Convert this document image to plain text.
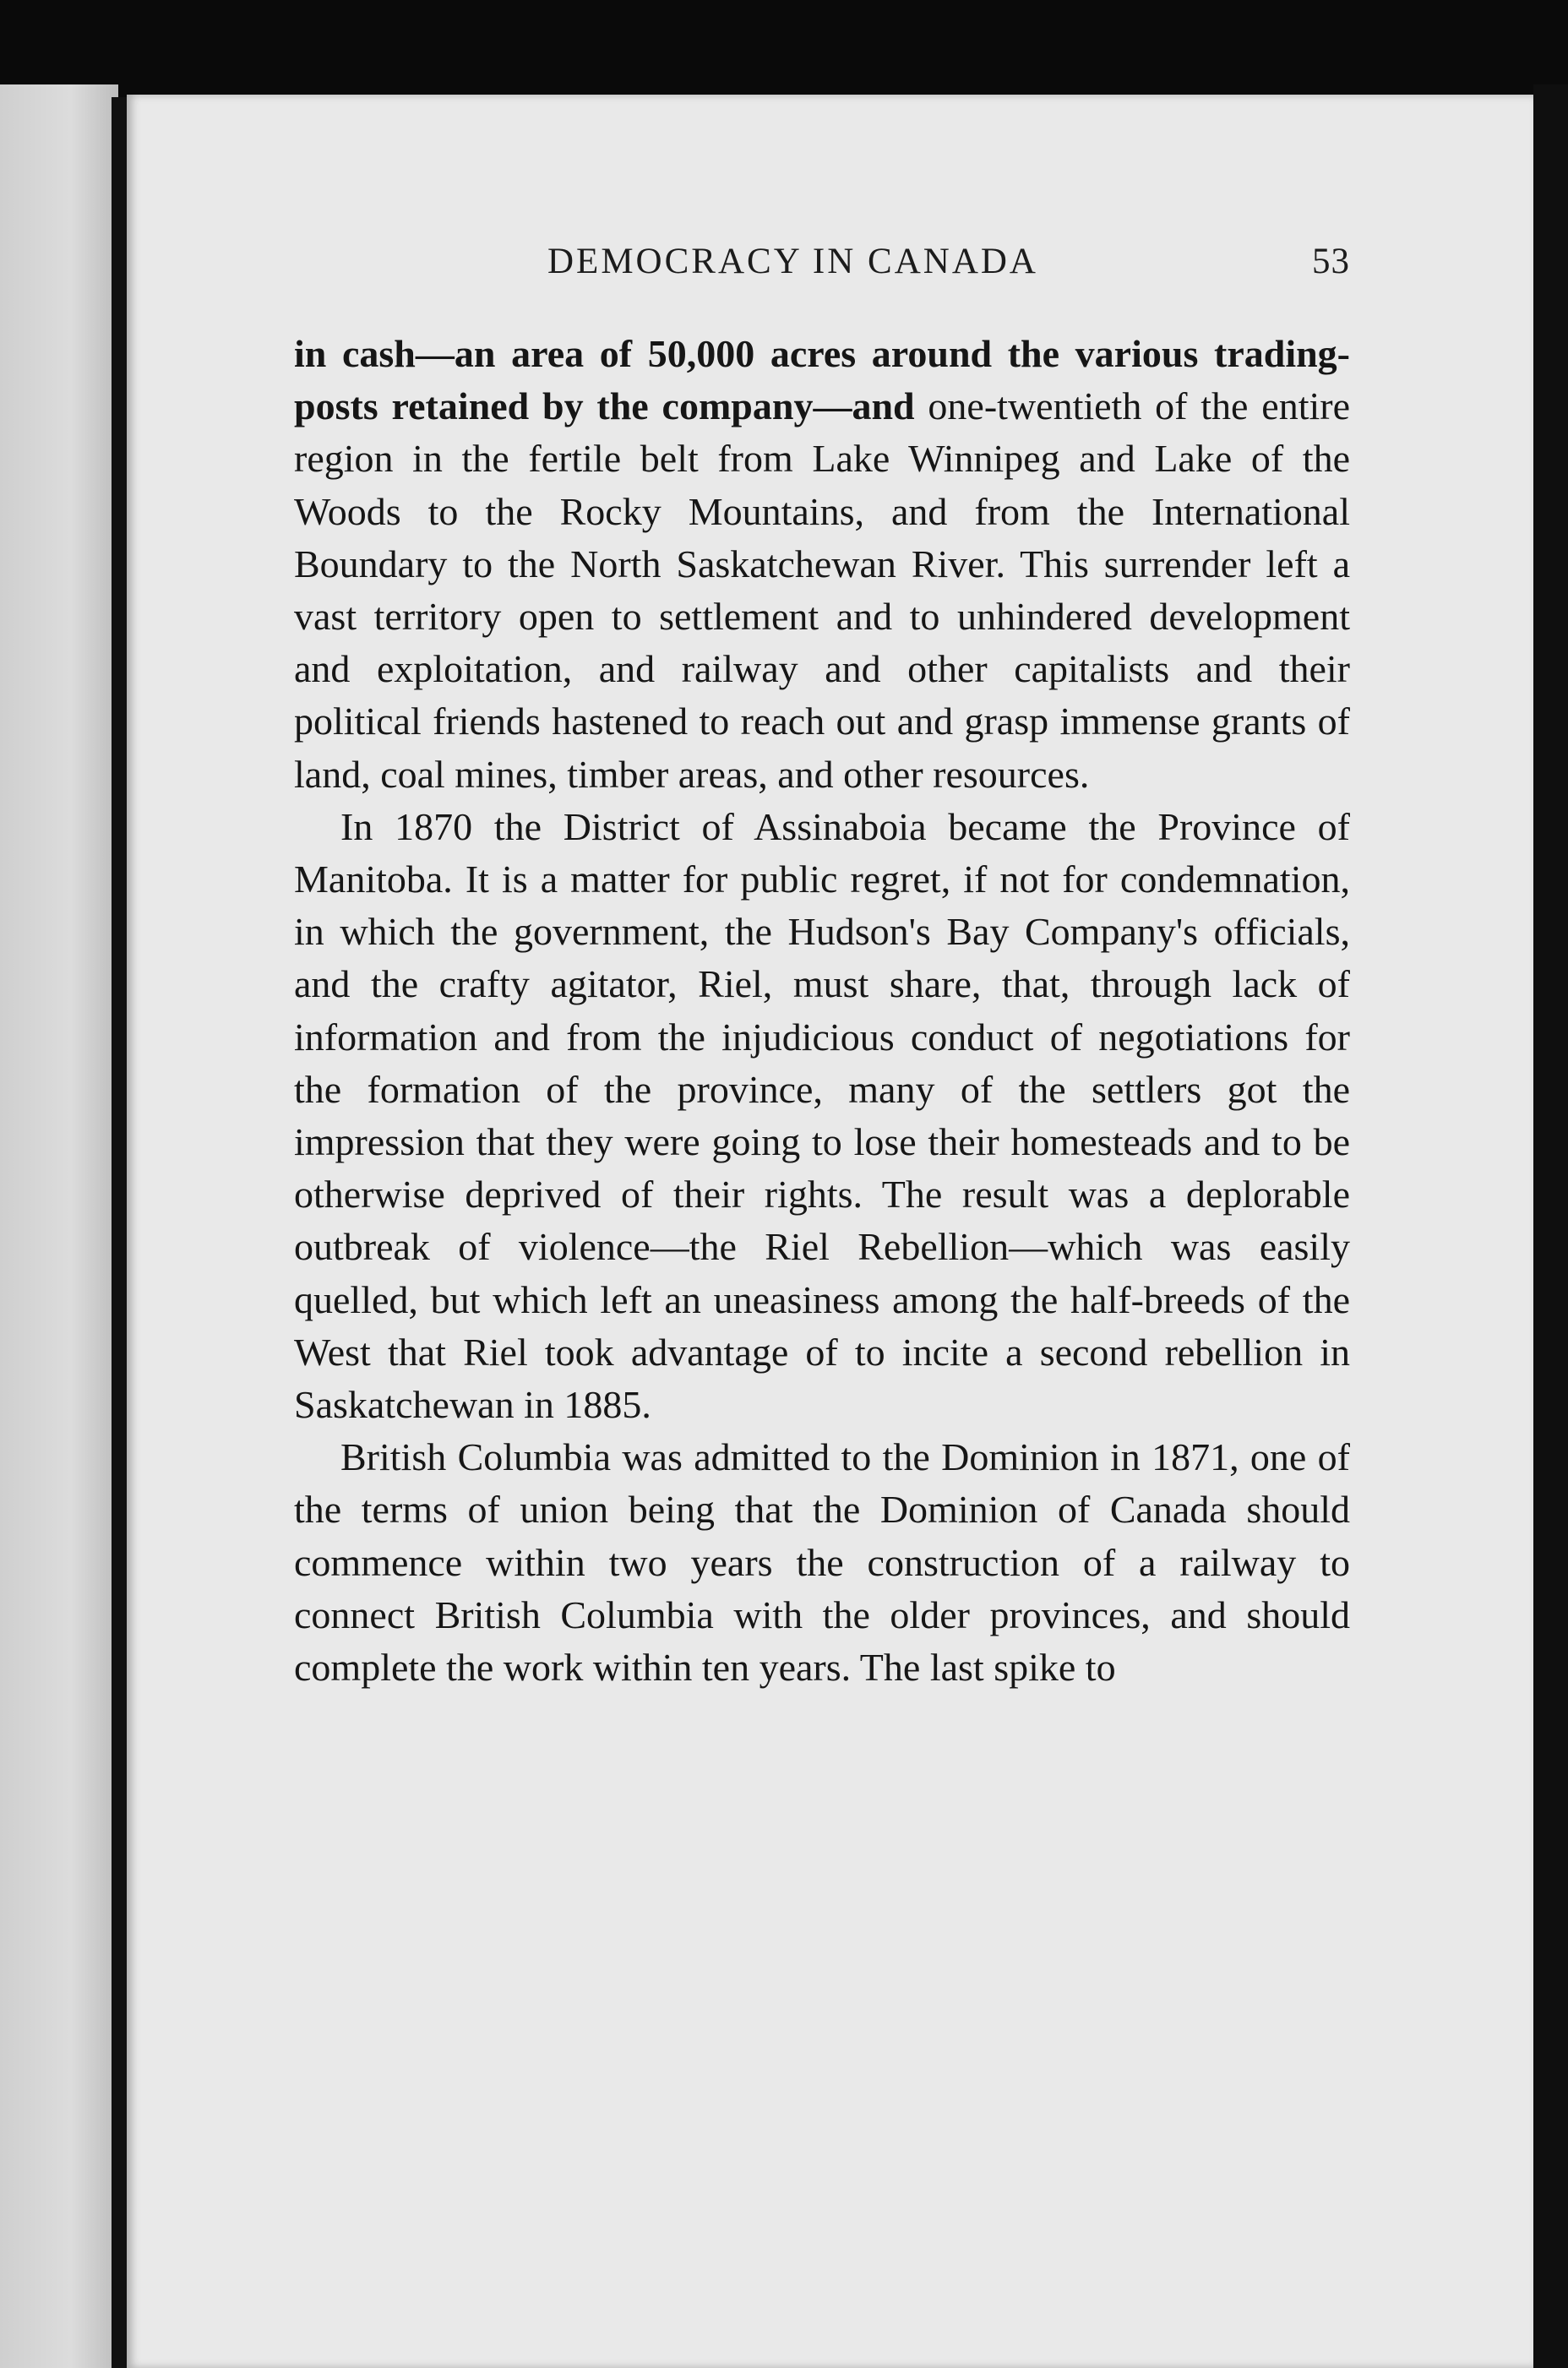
DEMOCRACY IN CANADA	53

in cash—an area of 50,000 acres around the various trading-posts retained by the company—and one-twentieth of the entire region in the fertile belt from Lake Winnipeg and Lake of the Woods to the Rocky Mountains, and from the International Boundary to the North Saskatchewan River. This surrender left a vast territory open to settlement and to unhindered development and exploitation, and railway and other capitalists and their political friends hastened to reach out and grasp immense grants of land, coal mines, timber areas, and other resources.

In 1870 the District of Assinaboia became the Province of Manitoba. It is a matter for public regret, if not for condemnation, in which the government, the Hudson's Bay Company's officials, and the crafty agitator, Riel, must share, that, through lack of information and from the injudicious conduct of negotiations for the formation of the province, many of the settlers got the impression that they were going to lose their homesteads and to be otherwise deprived of their rights. The result was a deplorable outbreak of violence—the Riel Rebellion—which was easily quelled, but which left an uneasiness among the half-breeds of the West that Riel took advantage of to incite a second rebellion in Saskatchewan in 1885.

British Columbia was admitted to the Dominion in 1871, one of the terms of union being that the Dominion of Canada should commence within two years the construction of a railway to connect British Columbia with the older provinces, and should complete the work within ten years. The last spike to
